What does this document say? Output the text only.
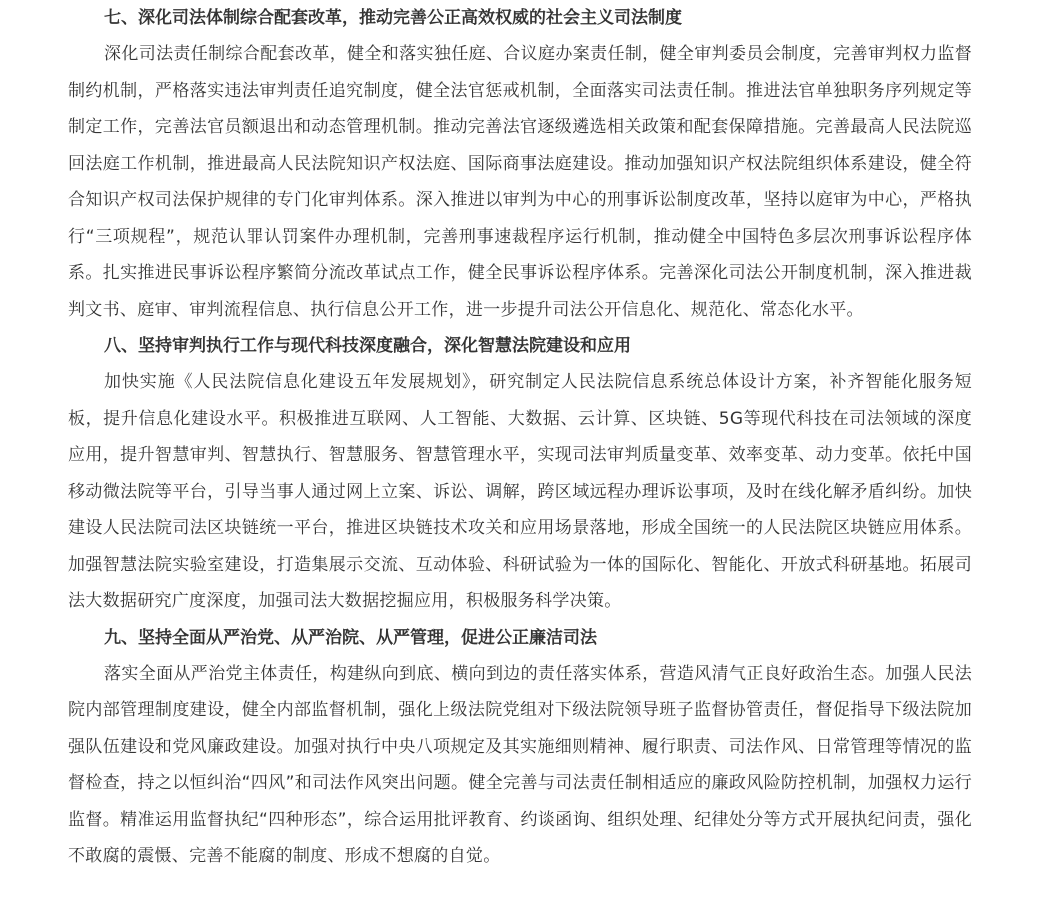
七、深化司法体制综合配套改革，推动完善公正高效权威的社会主义司法制度

深化司法责任制综合配套改革，健全和落实独任庭、合议庭办案责任制，健全审判委员会制度，完善审判权力监督制约机制，严格落实违法审判责任追究制度，健全法官惩戒机制，全面落实司法责任制。推进法官单独职务序列规定等制定工作，完善法官员额退出和动态管理机制。推动完善法官逐级遴选相关政策和配套保障措施。完善最高人民法院巡回法庭工作机制，推进最高人民法院知识产权法庭、国际商事法庭建设。推动加强知识产权法院组织体系建设，健全符合知识产权司法保护规律的专门化审判体系。深入推进以审判为中心的刑事诉讼制度改革，坚持以庭审为中心，严格执行“三项规程”，规范认罪认罚案件办理机制，完善刑事速裁程序运行机制，推动健全中国特色多层次刑事诉讼程序体系。扎实推进民事诉讼程序繁简分流改革试点工作，健全民事诉讼程序体系。完善深化司法公开制度机制，深入推进裁判文书、庭审、审判流程信息、执行信息公开工作，进一步提升司法公开信息化、规范化、常态化水平。

八、坚持审判执行工作与现代科技深度融合，深化智慧法院建设和应用

加快实施《人民法院信息化建设五年发展规划》，研究制定人民法院信息系统总体设计方案，补齐智能化服务短板，提升信息化建设水平。积极推进互联网、人工智能、大数据、云计算、区块链、5G等现代科技在司法领域的深度应用，提升智慧审判、智慧执行、智慧服务、智慧管理水平，实现司法审判质量变革、效率变革、动力变革。依托中国移动微法院等平台，引导当事人通过网上立案、诉讼、调解，跨区域远程办理诉讼事项，及时在线化解矛盾纠纷。加快建设人民法院司法区块链统一平台，推进区块链技术攻关和应用场景落地，形成全国统一的人民法院区块链应用体系。加强智慧法院实验室建设，打造集展示交流、互动体验、科研试验为一体的国际化、智能化、开放式科研基地。拓展司法大数据研究广度深度，加强司法大数据挖掘应用，积极服务科学决策。

九、坚持全面从严治党、从严治院、从严管理，促进公正廉洁司法

落实全面从严治党主体责任，构建纵向到底、横向到边的责任落实体系，营造风清气正良好政治生态。加强人民法院内部管理制度建设，健全内部监督机制，强化上级法院党组对下级法院领导班子监督协管责任，督促指导下级法院加强队伍建设和党风廉政建设。加强对执行中央八项规定及其实施细则精神、履行职责、司法作风、日常管理等情况的监督检查，持之以恒纠治“四风”和司法作风突出问题。健全完善与司法责任制相适应的廉政风险防控机制，加强权力运行监督。精准运用监督执纪“四种形态”，综合运用批评教育、约谈函询、组织处理、纪律处分等方式开展执纪问责，强化不敢腐的震慑、完善不能腐的制度、形成不想腐的自觉。
